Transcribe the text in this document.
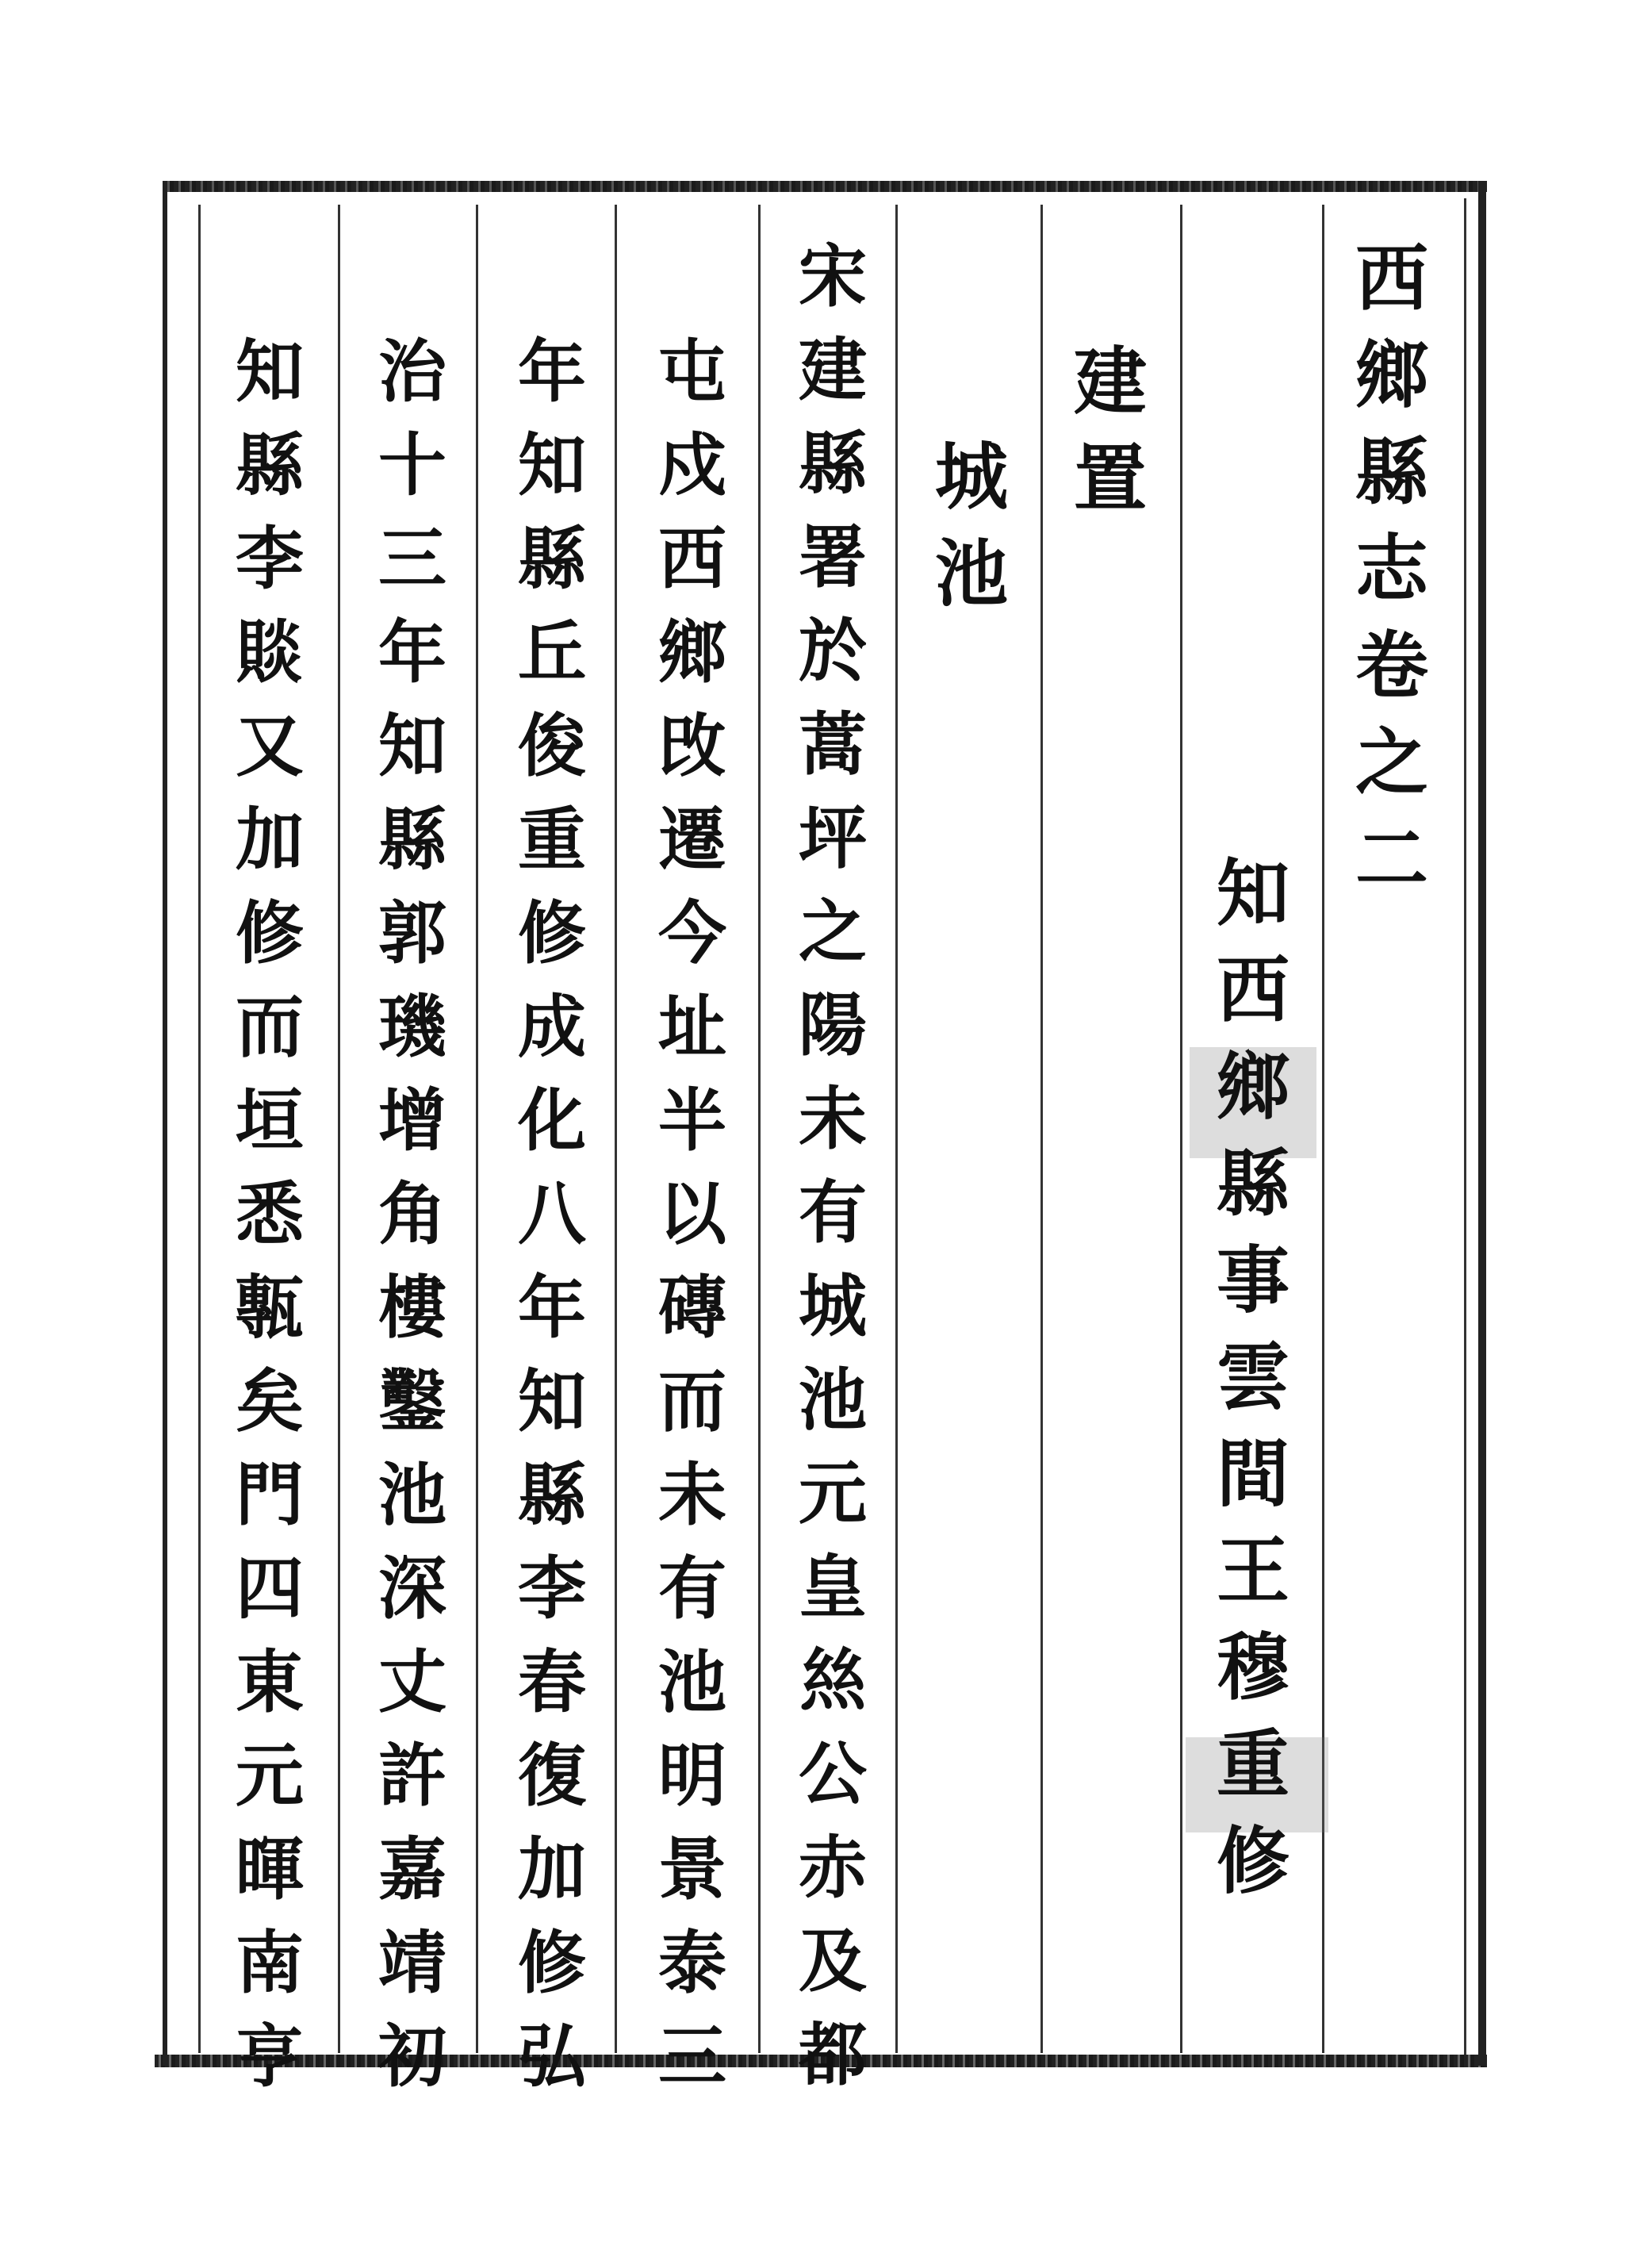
西
鄉
縣
志
卷
之
二
知
西
鄉
縣
事
雲
間
王
穆
重
修
建
置
城
池
宋
建
縣
署
於
蒿
坪
之
陽
未
有
城
池
元
皇
𢇁
公
赤
及
都
屯
戍
西
鄉
攺
遷
今
址
半
以
磚
而
未
有
池
明
景
泰
三
年
知
縣
丘
俊
重
修
成
化
八
年
知
縣
李
春
復
加
修
弘
治
十
三
年
知
縣
郭
璣
增
角
樓
鑿
池
深
丈
許
嘉
靖
初
知
縣
李
賧
又
加
修
而
垣
悉
甎
矣
門
四
東
元
暉
南
亨
